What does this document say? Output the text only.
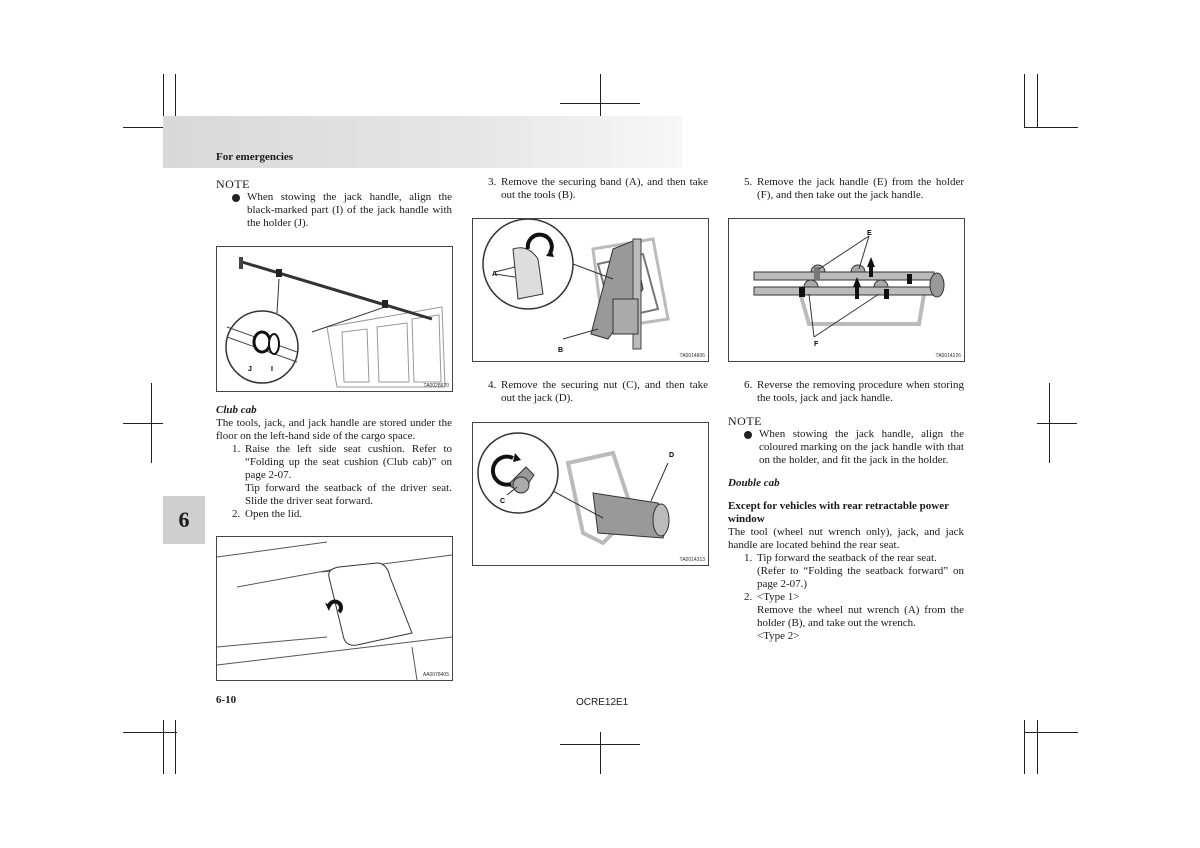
For emergencies
6
NOTE
When stowing the jack handle, align the black-marked part (I) of the jack handle with the holder (J).
J	I
TA0028670
Club cab
The tools, jack, and jack handle are stored under the floor on the left-hand side of the cargo space.
1. Raise the left side seat cushion. Refer to “Folding up the seat cushion (Club cab)” on page 2-07.
Tip forward the seatback of the driver seat. Slide the driver seat forward.
2. Open the lid.
AA0078405
3. Remove the securing band (A), and then take out the tools (B).
A
B
TA0014806
4. Remove the securing nut (C), and then take out the jack (D).
D
C
TA0014313
5. Remove the jack handle (E) from the holder (F), and then take out the jack handle.
E
F
TA0014226
6. Reverse the removing procedure when storing the tools, jack and jack handle.
NOTE
When stowing the jack handle, align the coloured marking on the jack handle with that on the holder, and fit the jack in the holder.
Double cab
Except for vehicles with rear retractable power window
The tool (wheel nut wrench only), jack, and jack handle are located behind the rear seat.
1. Tip forward the seatback of the rear seat.
(Refer to “Folding the seatback forward” on page 2-07.)
2. <Type 1>
Remove the wheel nut wrench (A) from the holder (B), and take out the wrench.
<Type 2>
6-10	OCRE12E1
